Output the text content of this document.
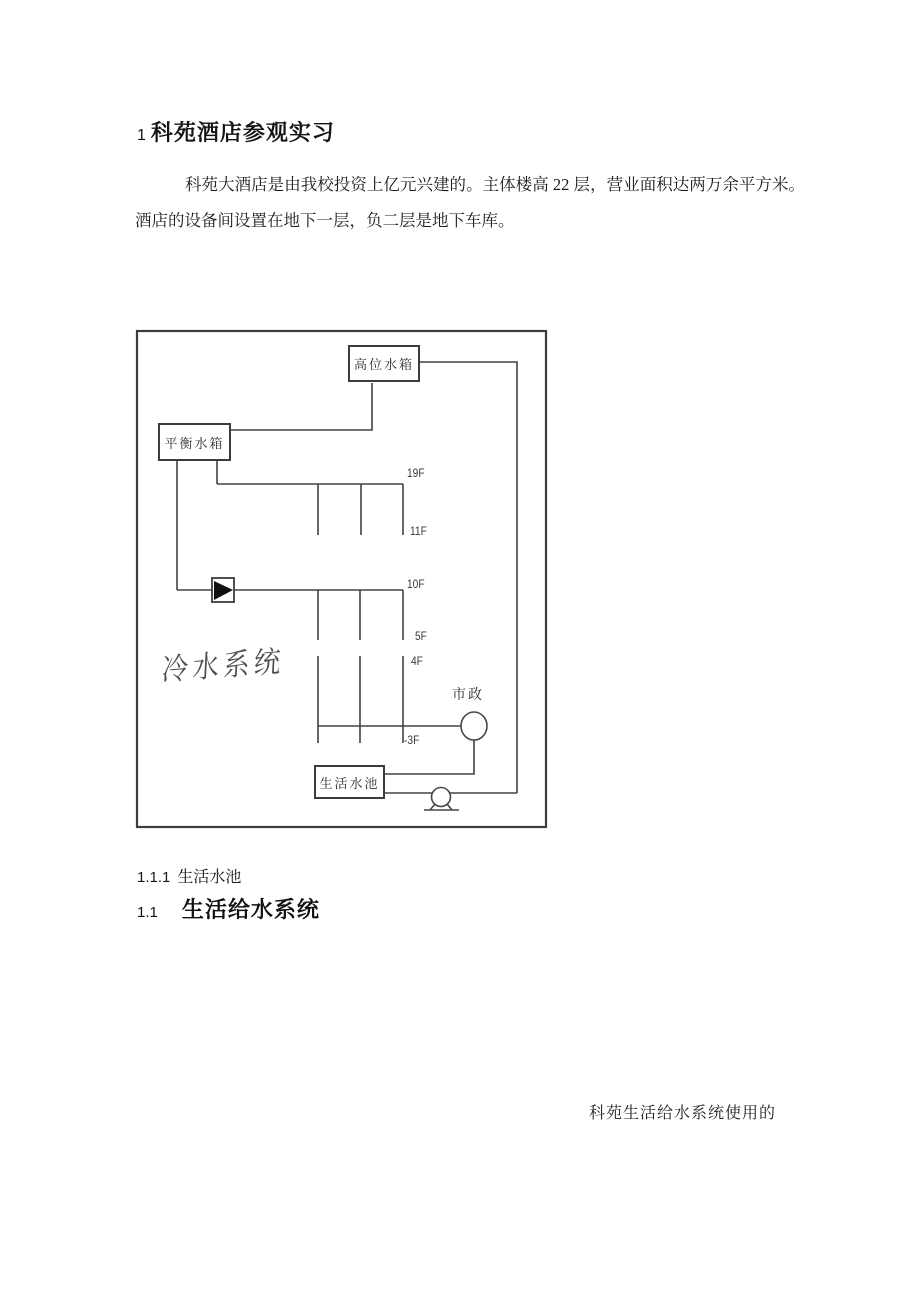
1 科苑酒店参观实习

科苑大酒店是由我校投资上亿元兴建的。主体楼高 22 层，营业面积达两万余平方米。酒店的设备间设置在地下一层，负二层是地下车库。

高位水箱
平衡水箱
生活水池
19F
11F
10F
5F
4F
-3F
市政
冷水系统
1.1.1 生活水池
1.1 生活给水系统
科苑生活给水系统使用的
